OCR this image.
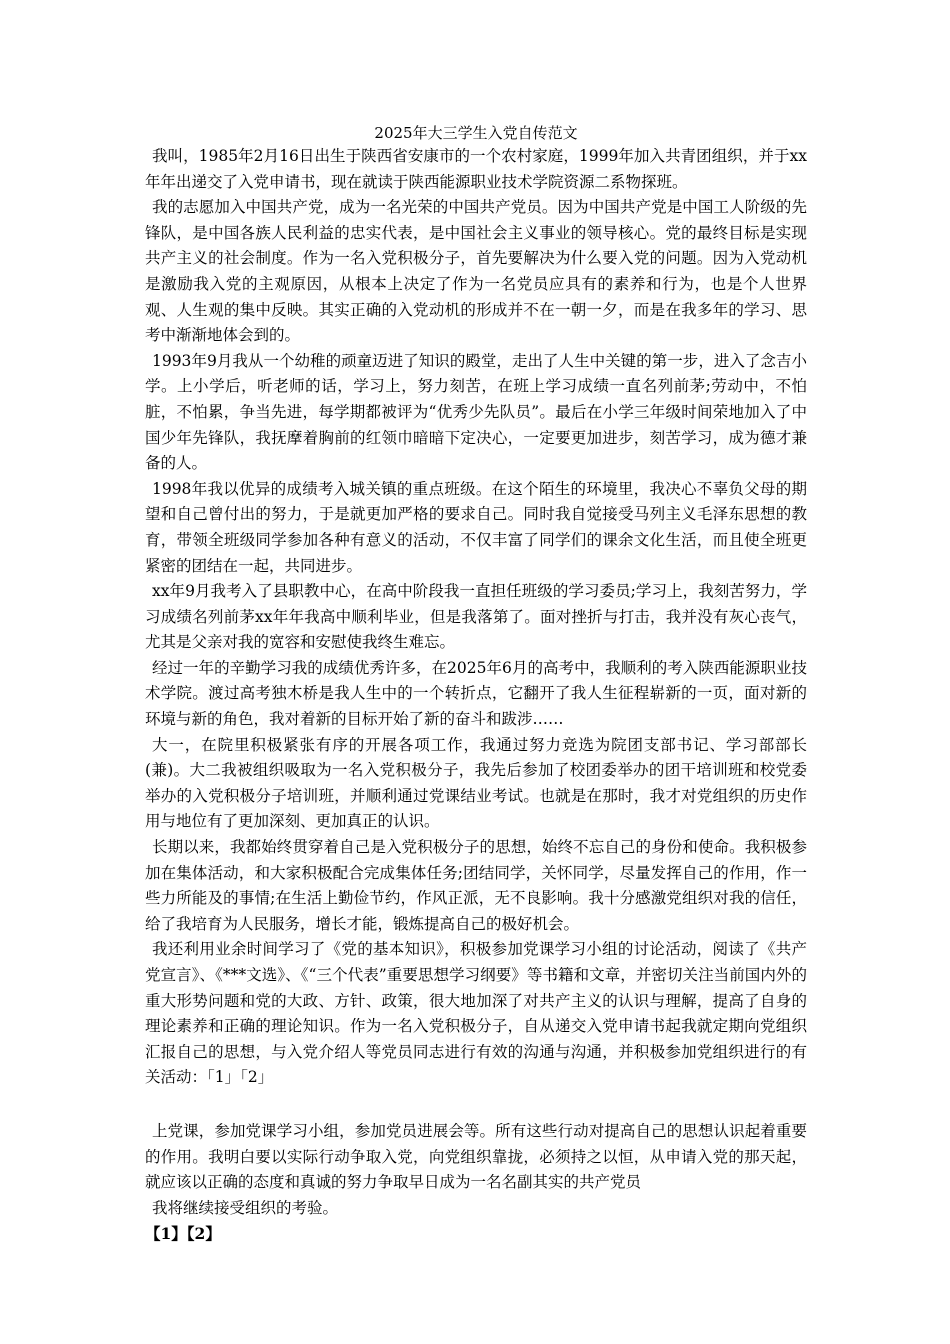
2025年大三学生入党自传范文

我叫，1985年2月16日出生于陕西省安康市的一个农村家庭，1999年加入共青团组织，并于xx年年出递交了入党申请书，现在就读于陕西能源职业技术学院资源二系物探班。

我的志愿加入中国共产党，成为一名光荣的中国共产党员。因为中国共产党是中国工人阶级的先锋队，是中国各族人民利益的忠实代表，是中国社会主义事业的领导核心。党的最终目标是实现共产主义的社会制度。作为一名入党积极分子，首先要解决为什么要入党的问题。因为入党动机是激励我入党的主观原因，从根本上决定了作为一名党员应具有的素养和行为，也是个人世界观、人生观的集中反映。其实正确的入党动机的形成并不在一朝一夕，而是在我多年的学习、思考中渐渐地体会到的。

1993年9月我从一个幼稚的顽童迈进了知识的殿堂，走出了人生中关键的第一步，进入了念吉小学。上小学后，听老师的话，学习上，努力刻苦，在班上学习成绩一直名列前茅;劳动中，不怕脏，不怕累，争当先进，每学期都被评为“优秀少先队员”。最后在小学三年级时间荣地加入了中国少年先锋队，我抚摩着胸前的红领巾暗暗下定决心，一定要更加进步，刻苦学习，成为德才兼备的人。

1998年我以优异的成绩考入城关镇的重点班级。在这个陌生的环境里，我决心不辜负父母的期望和自己曾付出的努力，于是就更加严格的要求自己。同时我自觉接受马列主义毛泽东思想的教育，带领全班级同学参加各种有意义的活动，不仅丰富了同学们的课余文化生活，而且使全班更紧密的团结在一起，共同进步。

xx年9月我考入了县职教中心，在高中阶段我一直担任班级的学习委员;学习上，我刻苦努力，学习成绩名列前茅xx年年我高中顺利毕业，但是我落第了。面对挫折与打击，我并没有灰心丧气，尤其是父亲对我的宽容和安慰使我终生难忘。

经过一年的辛勤学习我的成绩优秀许多，在2025年6月的高考中，我顺利的考入陕西能源职业技术学院。渡过高考独木桥是我人生中的一个转折点，它翻开了我人生征程崭新的一页，面对新的环境与新的角色，我对着新的目标开始了新的奋斗和跋涉……

大一，在院里积极紧张有序的开展各项工作，我通过努力竞选为院团支部书记、学习部部长(兼)。大二我被组织吸取为一名入党积极分子，我先后参加了校团委举办的团干培训班和校党委举办的入党积极分子培训班，并顺利通过党课结业考试。也就是在那时，我才对党组织的历史作用与地位有了更加深刻、更加真正的认识。

长期以来，我都始终贯穿着自己是入党积极分子的思想，始终不忘自己的身份和使命。我积极参加在集体活动，和大家积极配合完成集体任务;团结同学，关怀同学，尽量发挥自己的作用，作一些力所能及的事情;在生活上勤俭节约，作风正派，无不良影响。我十分感激党组织对我的信任，给了我培育为人民服务，增长才能，锻炼提高自己的极好机会。

我还利用业余时间学习了《党的基本知识》，积极参加党课学习小组的讨论活动，阅读了《共产党宣言》、《***文选》、《“三个代表”重要思想学习纲要》等书籍和文章，并密切关注当前国内外的重大形势问题和党的大政、方针、政策，很大地加深了对共产主义的认识与理解，提高了自身的理论素养和正确的理论知识。作为一名入党积极分子，自从递交入党申请书起我就定期向党组织汇报自己的思想，与入党介绍人等党员同志进行有效的沟通与沟通，并积极参加党组织进行的有关活动：「1」「2」

上党课，参加党课学习小组，参加党员进展会等。所有这些行动对提高自己的思想认识起着重要的作用。我明白要以实际行动争取入党，向党组织靠拢，必须持之以恒，从申请入党的那天起，就应该以正确的态度和真诚的努力争取早日成为一名名副其实的共产党员

我将继续接受组织的考验。

【1】【2】
